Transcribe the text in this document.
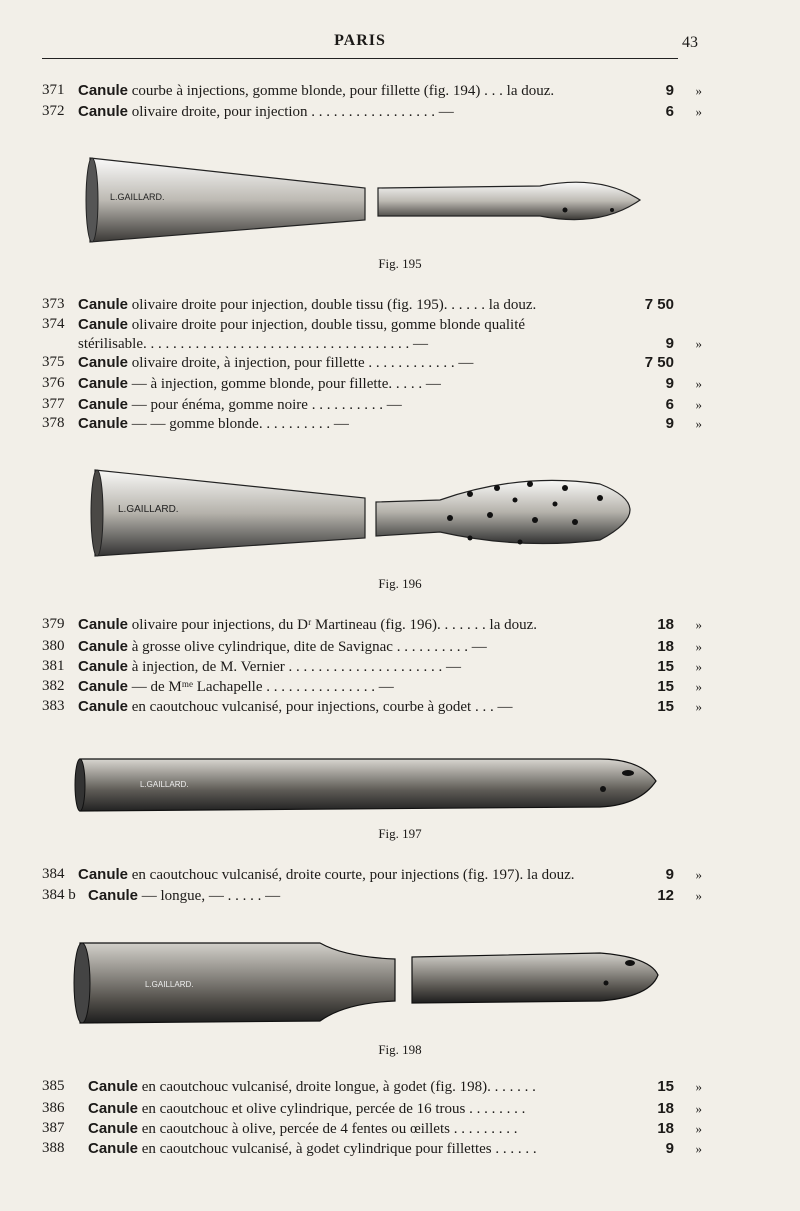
PARIS	43
371 Canule courbe à injections, gomme blonde, pour fillette (fig. 194) . . . la douz.	9 »
372 Canule olivaire droite, pour injection . . . . . . . . . . . . . . . . . —	6 »
L.GAILLARD.
Fig. 195
373 Canule olivaire droite pour injection, double tissu (fig. 195). . . . . . la douz.	7 50
374 Canule olivaire droite pour injection, double tissu, gomme blonde qualité
stérilisable. . . . . . . . . . . . . . . . . . . . . . . . . . . . . . . . . . . . —	9 »
375 Canule olivaire droite, à injection, pour fillette . . . . . . . . . . . . —	7 50
376 Canule — à injection, gomme blonde, pour fillette. . . . . —	9 »
377 Canule — pour énéma, gomme noire . . . . . . . . . . —	6 »
378 Canule — — gomme blonde. . . . . . . . . . —	9 »
L.GAILLARD.
Fig. 196
379 Canule olivaire pour injections, du Dʳ Martineau (fig. 196). . . . . . . la douz.	18 »
380 Canule à grosse olive cylindrique, dite de Savignac . . . . . . . . . . —	18 »
381 Canule à injection, de M. Vernier . . . . . . . . . . . . . . . . . . . . . —	15 »
382 Canule — de Mᵐᵉ Lachapelle . . . . . . . . . . . . . . . —	15 »
383 Canule en caoutchouc vulcanisé, pour injections, courbe à godet . . . —	15 »
L.GAILLARD.
Fig. 197
384 Canule en caoutchouc vulcanisé, droite courte, pour injections (fig. 197). la douz.	9 »
384 b Canule — longue, — . . . . . —	12 »
L.GAILLARD.
Fig. 198
385 Canule en caoutchouc vulcanisé, droite longue, à godet (fig. 198). . . . . . .	15 »
386 Canule en caoutchouc et olive cylindrique, percée de 16 trous . . . . . . . .	18 »
387 Canule en caoutchouc à olive, percée de 4 fentes ou œillets . . . . . . . . .	18 »
388 Canule en caoutchouc vulcanisé, à godet cylindrique pour fillettes . . . . . .	9 »
